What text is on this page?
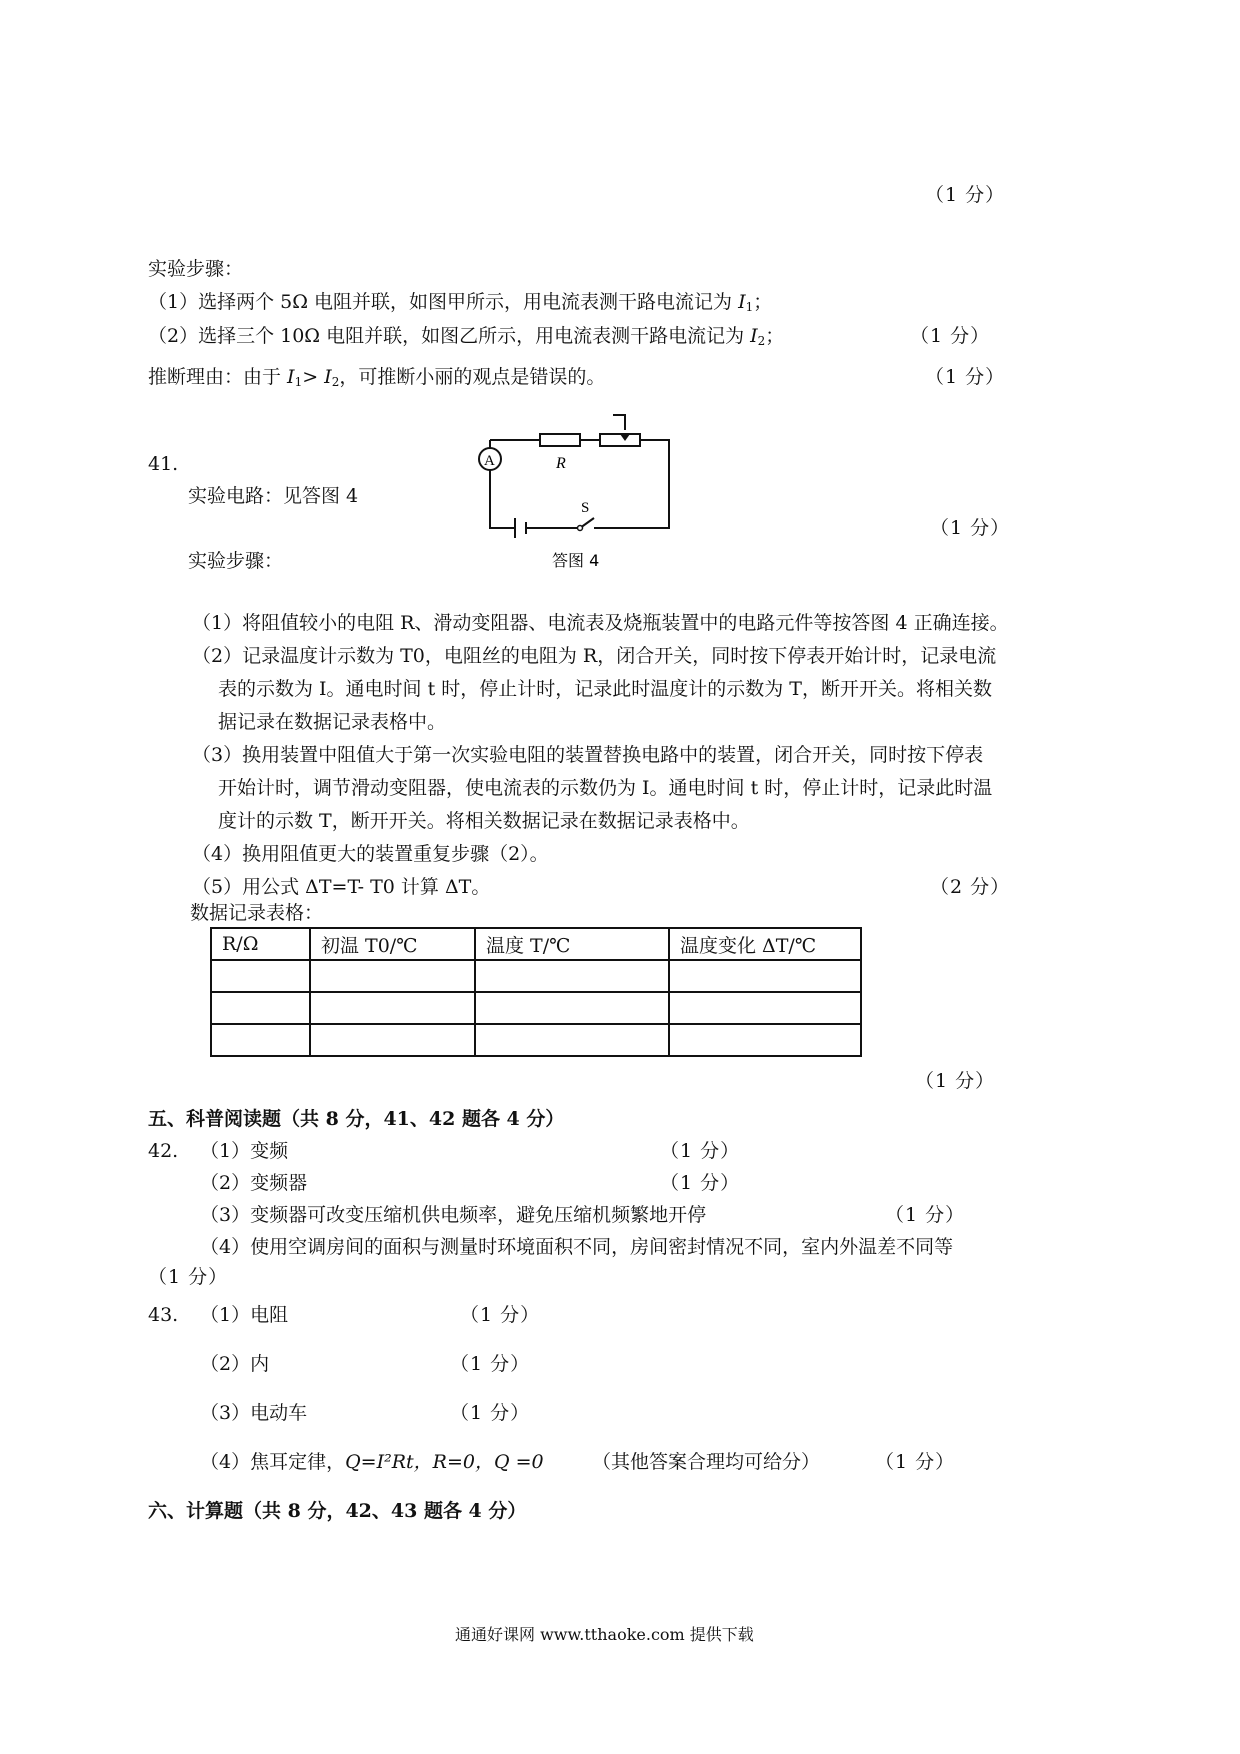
（1 分）
实验步骤：
（1）选择两个 5Ω 电阻并联，如图甲所示，用电流表测干路电流记为 $I_1$；
（2）选择三个 10Ω 电阻并联，如图乙所示，用电流表测干路电流记为 $I_2$；	（1 分）
推断理由：由于 $I_1> I_2$，可推断小丽的观点是错误的。	（1 分）
41.
实验电路：见答图 4
（1 分）
实验步骤：
R
A
S
答图 4
（1）将阻值较小的电阻 R、滑动变阻器、电流表及烧瓶装置中的电路元件等按答图 4 正确连接。
（2）记录温度计示数为 T0，电阻丝的电阻为 R，闭合开关，同时按下停表开始计时，记录电流
表的示数为 I。通电时间 t 时，停止计时，记录此时温度计的示数为 T，断开开关。将相关数
据记录在数据记录表格中。
（3）换用装置中阻值大于第一次实验电阻的装置替换电路中的装置，闭合开关，同时按下停表
开始计时，调节滑动变阻器，使电流表的示数仍为 I。通电时间 t 时，停止计时，记录此时温
度计的示数 T，断开开关。将相关数据记录在数据记录表格中。
（4）换用阻值更大的装置重复步骤（2）。
（5）用公式 ΔT=T- T0 计算 ΔT。	（2 分）
数据记录表格：
R/Ω	初温 T0/℃	温度 T/℃	温度变化 ΔT/℃

（1 分）
五、科普阅读题（共 8 分，41、42 题各 4 分）
42. （1）变频	（1 分）
（2）变频器	（1 分）
（3）变频器可改变压缩机供电频率，避免压缩机频繁地开停	（1 分）
（4）使用空调房间的面积与测量时环境面积不同，房间密封情况不同，室内外温差不同等
（1 分）
43. （1）电阻	（1 分）
（2）内	（1 分）
（3）电动车	（1 分）
（4）焦耳定律，Q=I²Rt，R=0，Q =0	（其他答案合理均可给分）	（1 分）
六、计算题（共 8 分，42、43 题各 4 分）
通通好课网 www.tthaoke.com 提供下载
